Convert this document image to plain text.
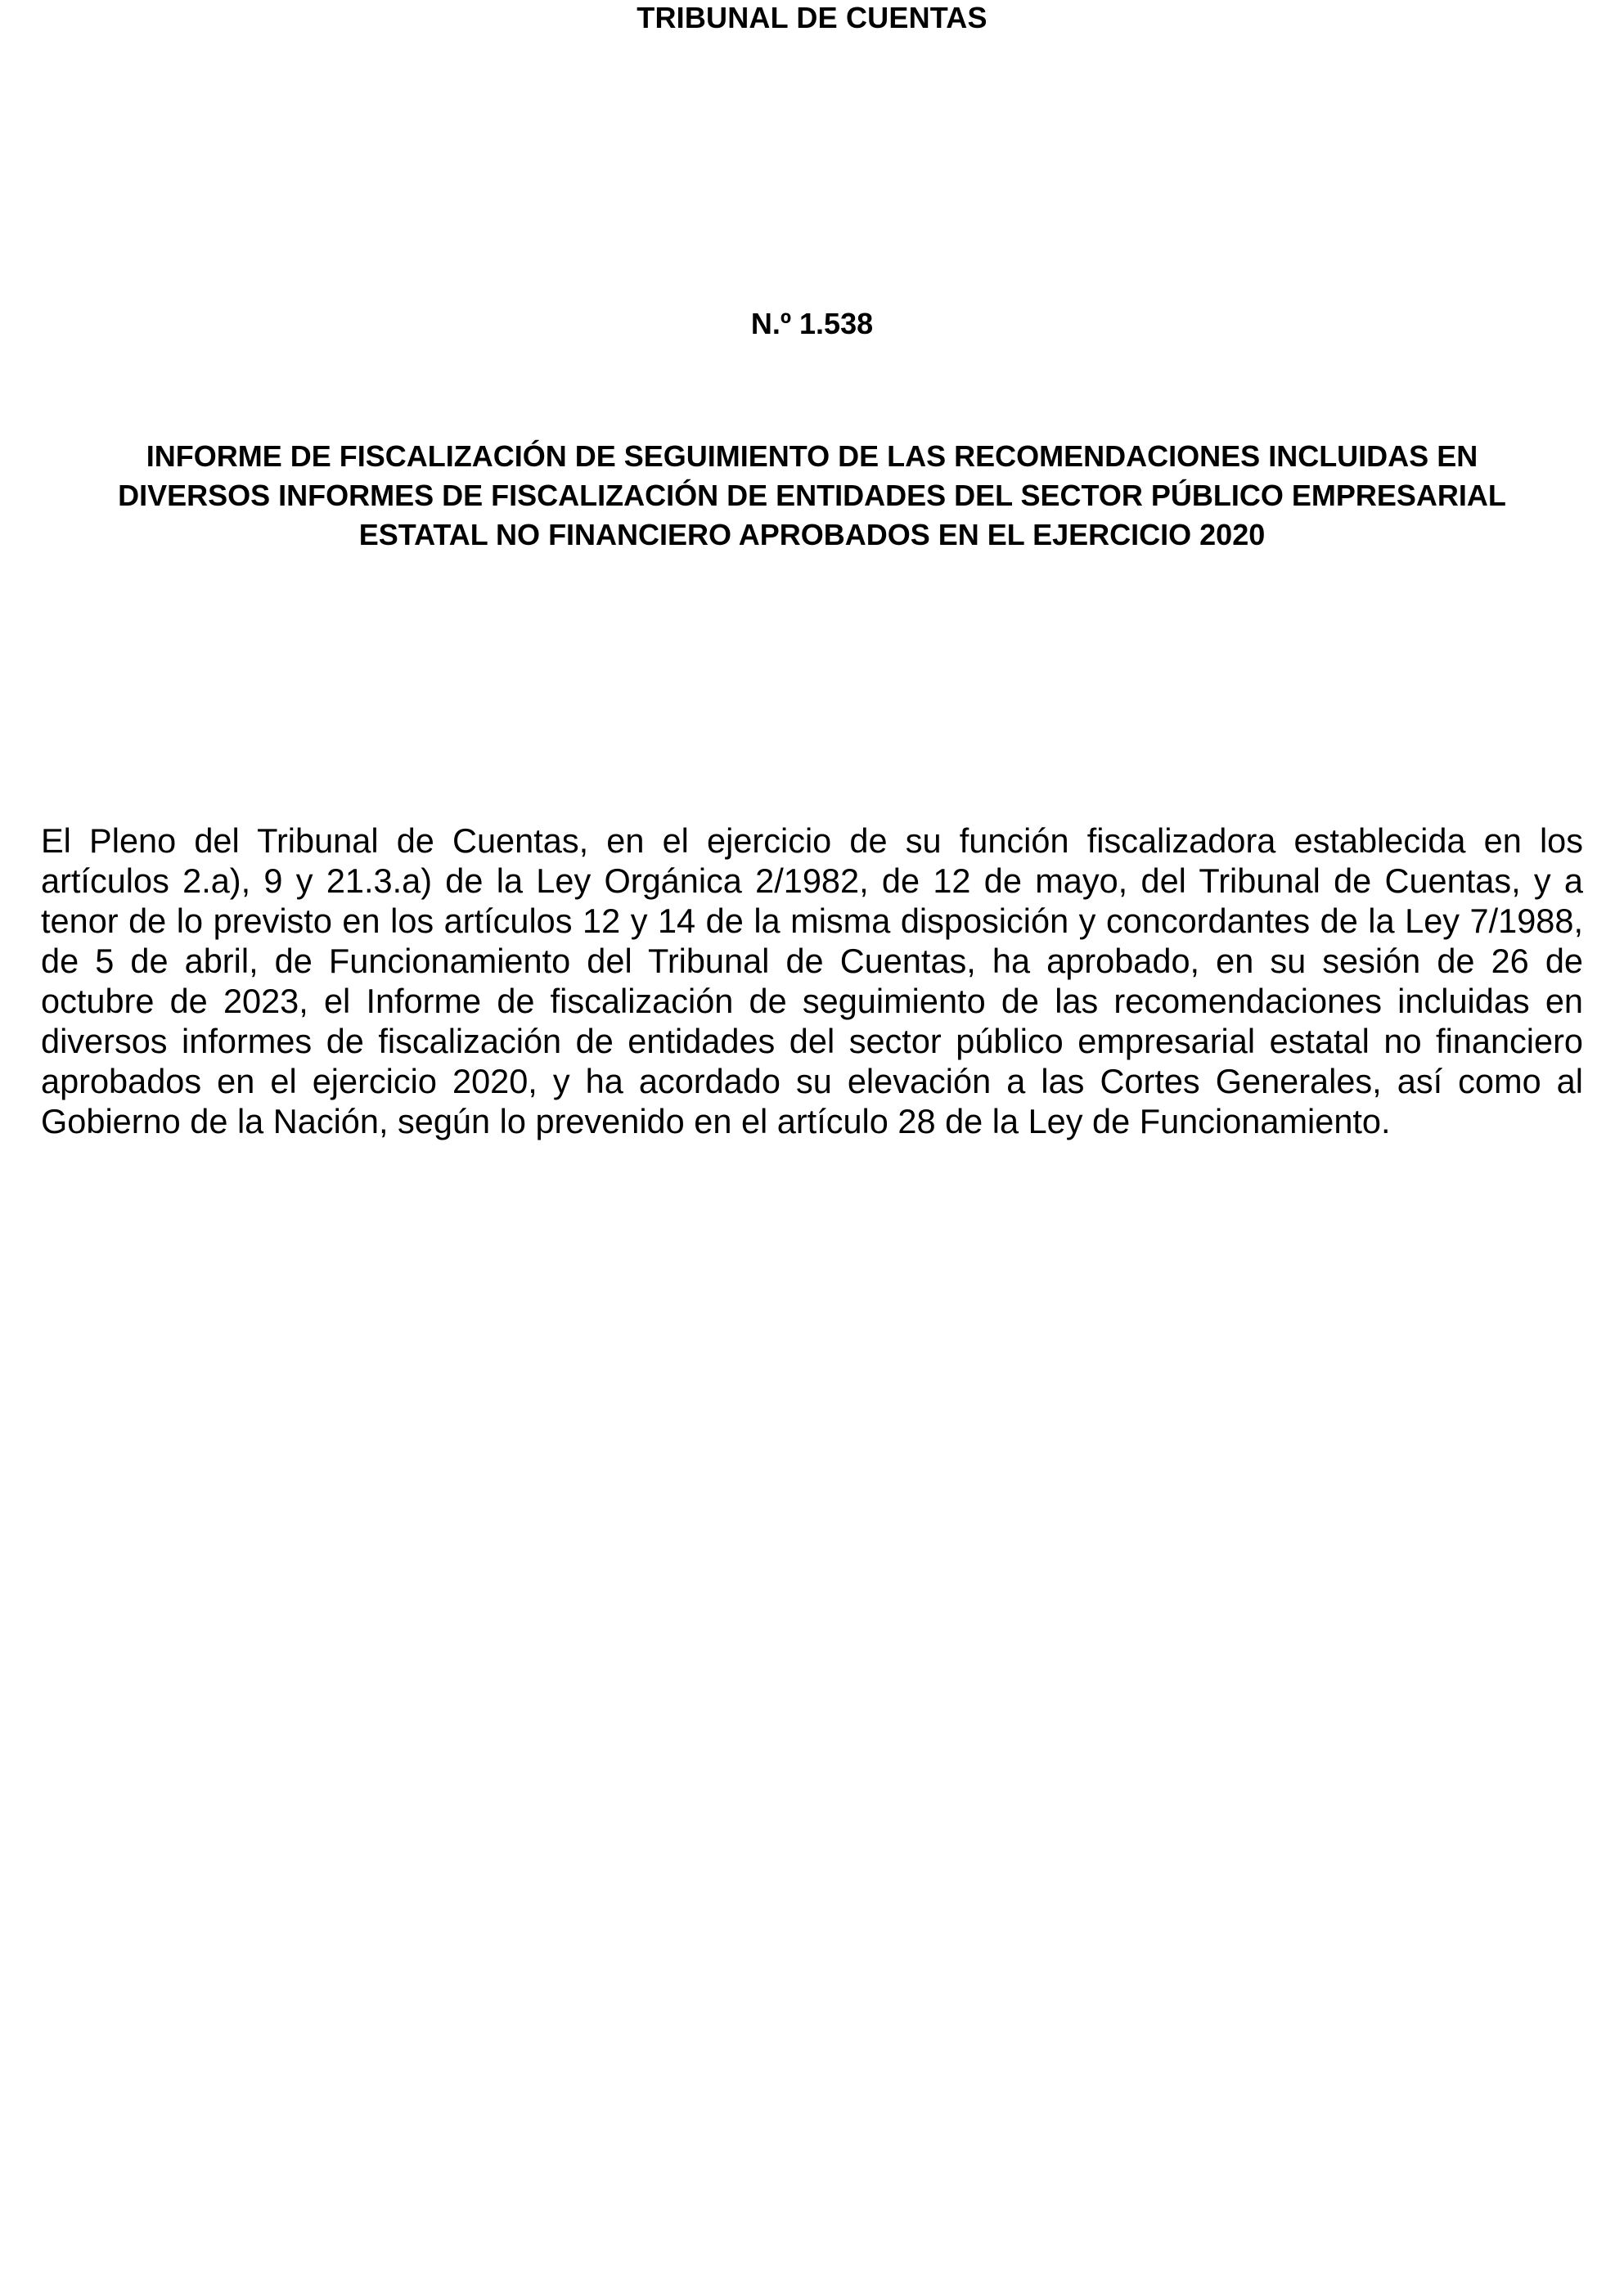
TRIBUNAL DE CUENTAS
N.º 1.538
INFORME DE FISCALIZACIÓN DE SEGUIMIENTO DE LAS RECOMENDACIONES INCLUIDAS EN
DIVERSOS INFORMES DE FISCALIZACIÓN DE ENTIDADES DEL SECTOR PÚBLICO EMPRESARIAL
ESTATAL NO FINANCIERO APROBADOS EN EL EJERCICIO 2020
El Pleno del Tribunal de Cuentas, en el ejercicio de su función fiscalizadora establecida en los
artículos 2.a), 9 y 21.3.a) de la Ley Orgánica 2/1982, de 12 de mayo, del Tribunal de Cuentas, y a
tenor de lo previsto en los artículos 12 y 14 de la misma disposición y concordantes de la Ley 7/1988,
de 5 de abril, de Funcionamiento del Tribunal de Cuentas, ha aprobado, en su sesión de 26 de
octubre de 2023, el Informe de fiscalización de seguimiento de las recomendaciones incluidas en
diversos informes de fiscalización de entidades del sector público empresarial estatal no financiero
aprobados en el ejercicio 2020, y ha acordado su elevación a las Cortes Generales, así como al
Gobierno de la Nación, según lo prevenido en el artículo 28 de la Ley de Funcionamiento.
